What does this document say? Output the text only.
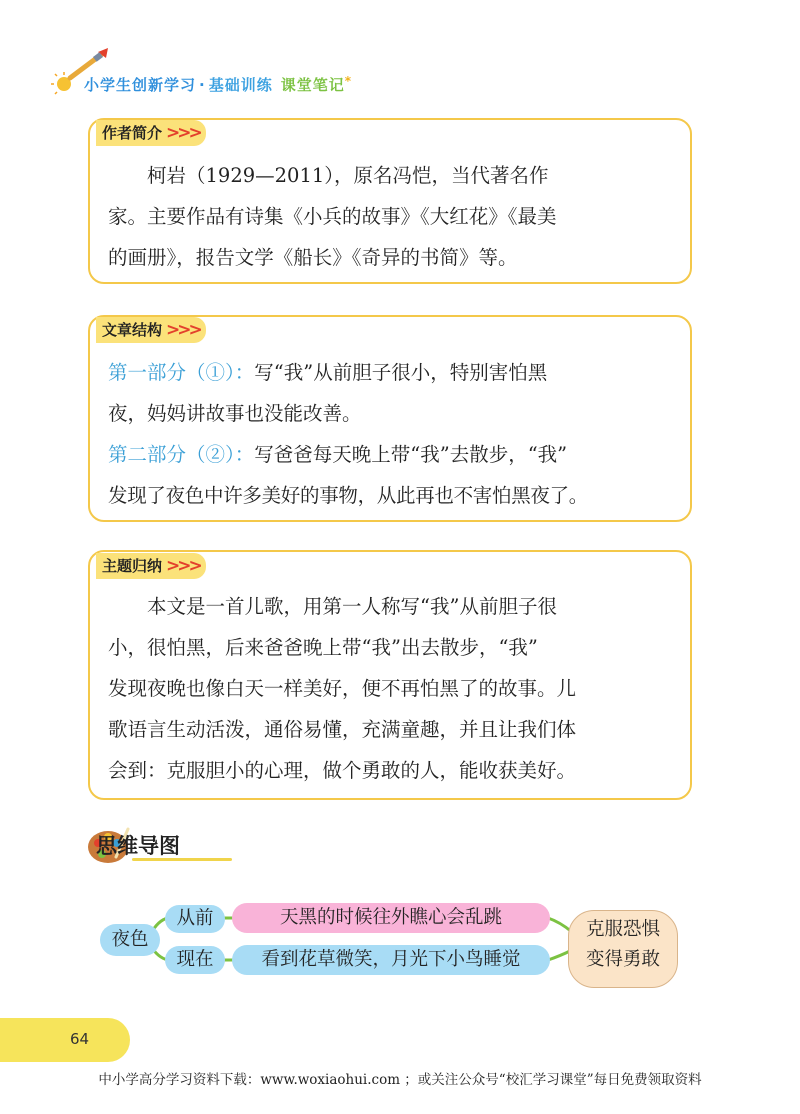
小学生创新学习 · 基础训练 课堂笔记*
作者简介 >>>
柯岩（1929—2011），原名冯恺，当代著名作
家。主要作品有诗集《小兵的故事》《大红花》《最美
的画册》，报告文学《船长》《奇异的书简》等。
文章结构 >>>
第一部分（①）：写“我”从前胆子很小，特别害怕黑
夜，妈妈讲故事也没能改善。
第二部分（②）：写爸爸每天晚上带“我”去散步，“我”
发现了夜色中许多美好的事物，从此再也不害怕黑夜了。
主题归纳 >>>
本文是一首儿歌，用第一人称写“我”从前胆子很
小，很怕黑，后来爸爸晚上带“我”出去散步，“我”
发现夜晚也像白天一样美好，便不再怕黑了的故事。儿
歌语言生动活泼，通俗易懂，充满童趣，并且让我们体
会到：克服胆小的心理，做个勇敢的人，能收获美好。
思维导图
夜色
从前
现在
天黑的时候往外瞧心会乱跳
看到花草微笑，月光下小鸟睡觉
克服恐惧
变得勇敢
64
中小学高分学习资料下载：www.woxiaohui.com ；或关注公众号“校汇学习课堂”每日免费领取资料
